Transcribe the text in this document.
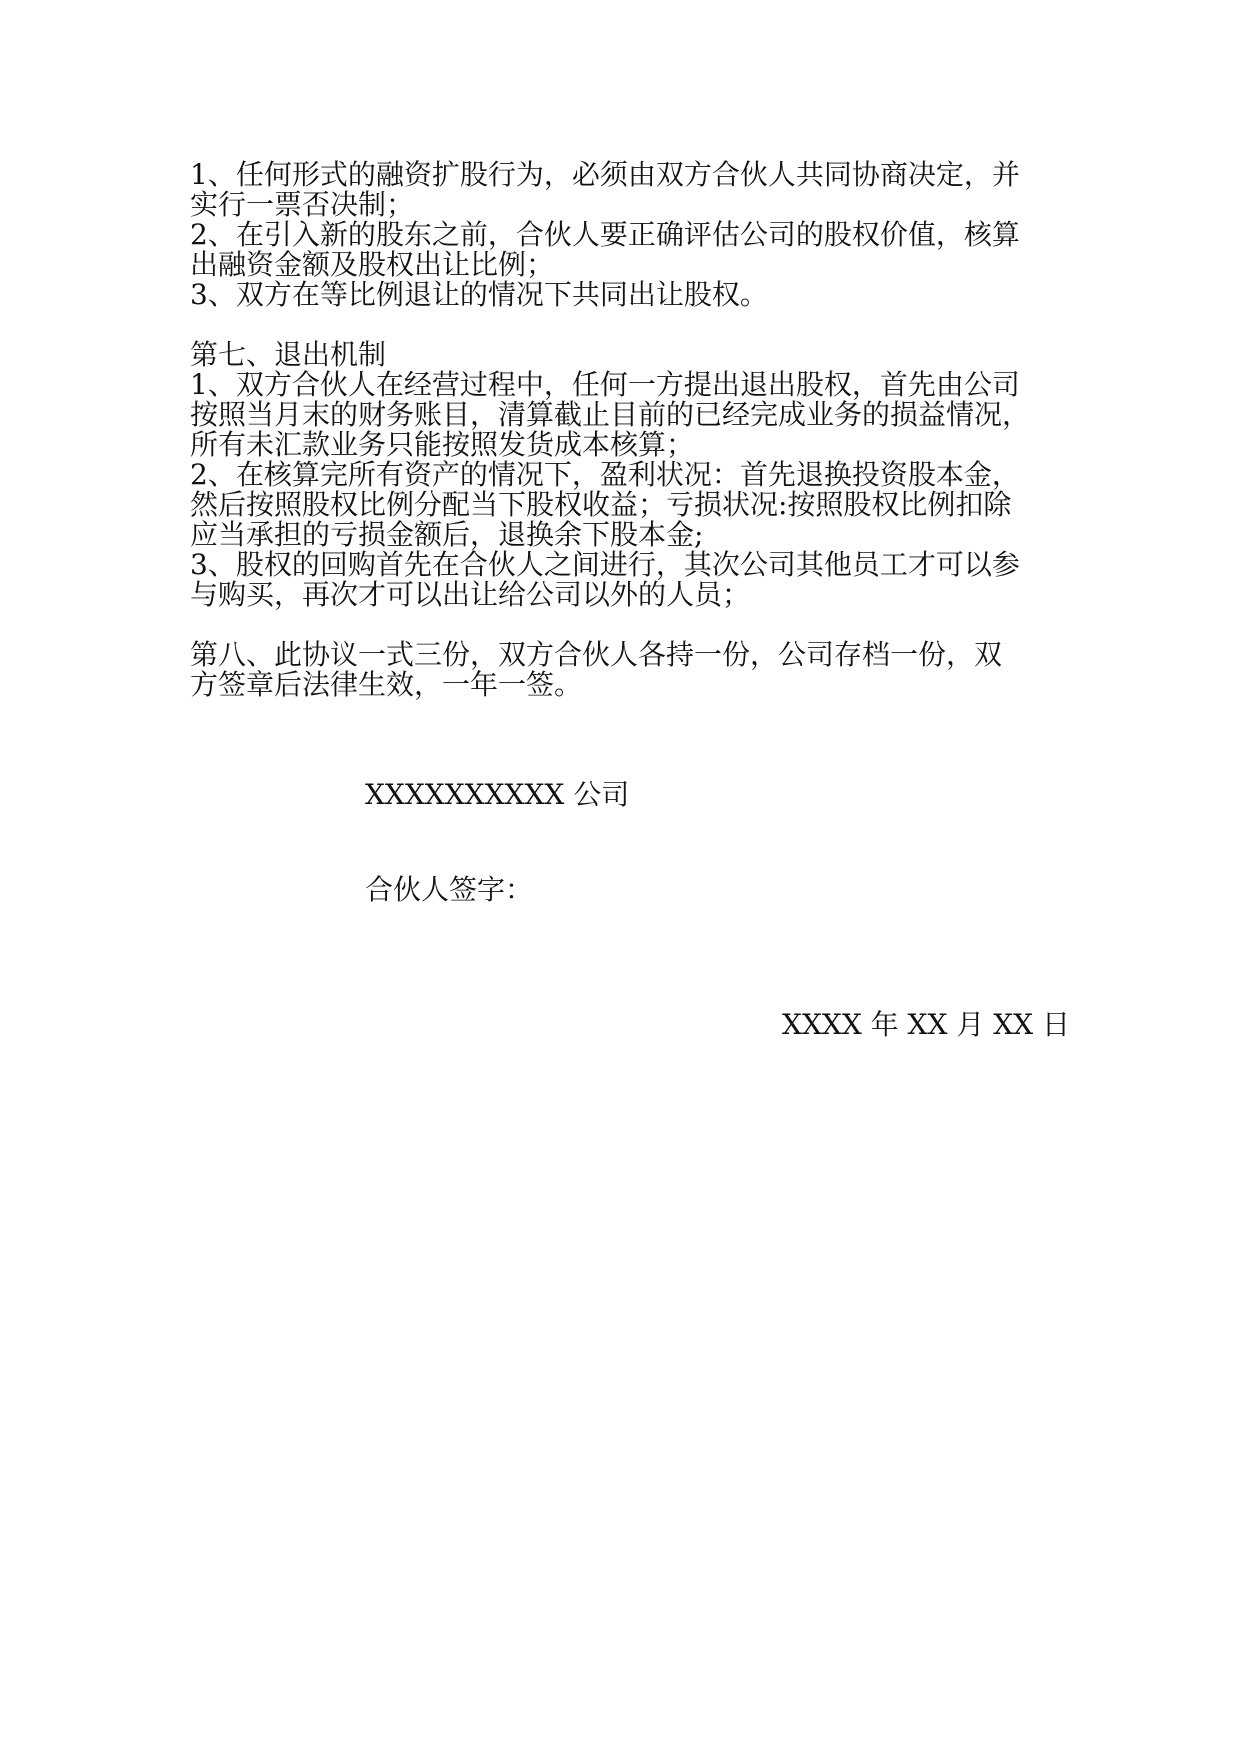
1、任何形式的融资扩股行为，必须由双方合伙人共同协商决定，并
实行一票否决制；
2、在引入新的股东之前，合伙人要正确评估公司的股权价值，核算
出融资金额及股权出让比例；
3、双方在等比例退让的情况下共同出让股权。
第七、退出机制
1、双方合伙人在经营过程中，任何一方提出退出股权，首先由公司
按照当月末的财务账目，清算截止目前的已经完成业务的损益情况，
所有未汇款业务只能按照发货成本核算；
2、在核算完所有资产的情况下，盈利状况：首先退换投资股本金，
然后按照股权比例分配当下股权收益；亏损状况:按照股权比例扣除
应当承担的亏损金额后，退换余下股本金;
3、股权的回购首先在合伙人之间进行，其次公司其他员工才可以参
与购买，再次才可以出让给公司以外的人员；
第八、此协议一式三份，双方合伙人各持一份，公司存档一份，双
方签章后法律生效，一年一签。
XXXXXXXXXX 公司
合伙人签字：
XXXX 年 XX 月 XX 日
